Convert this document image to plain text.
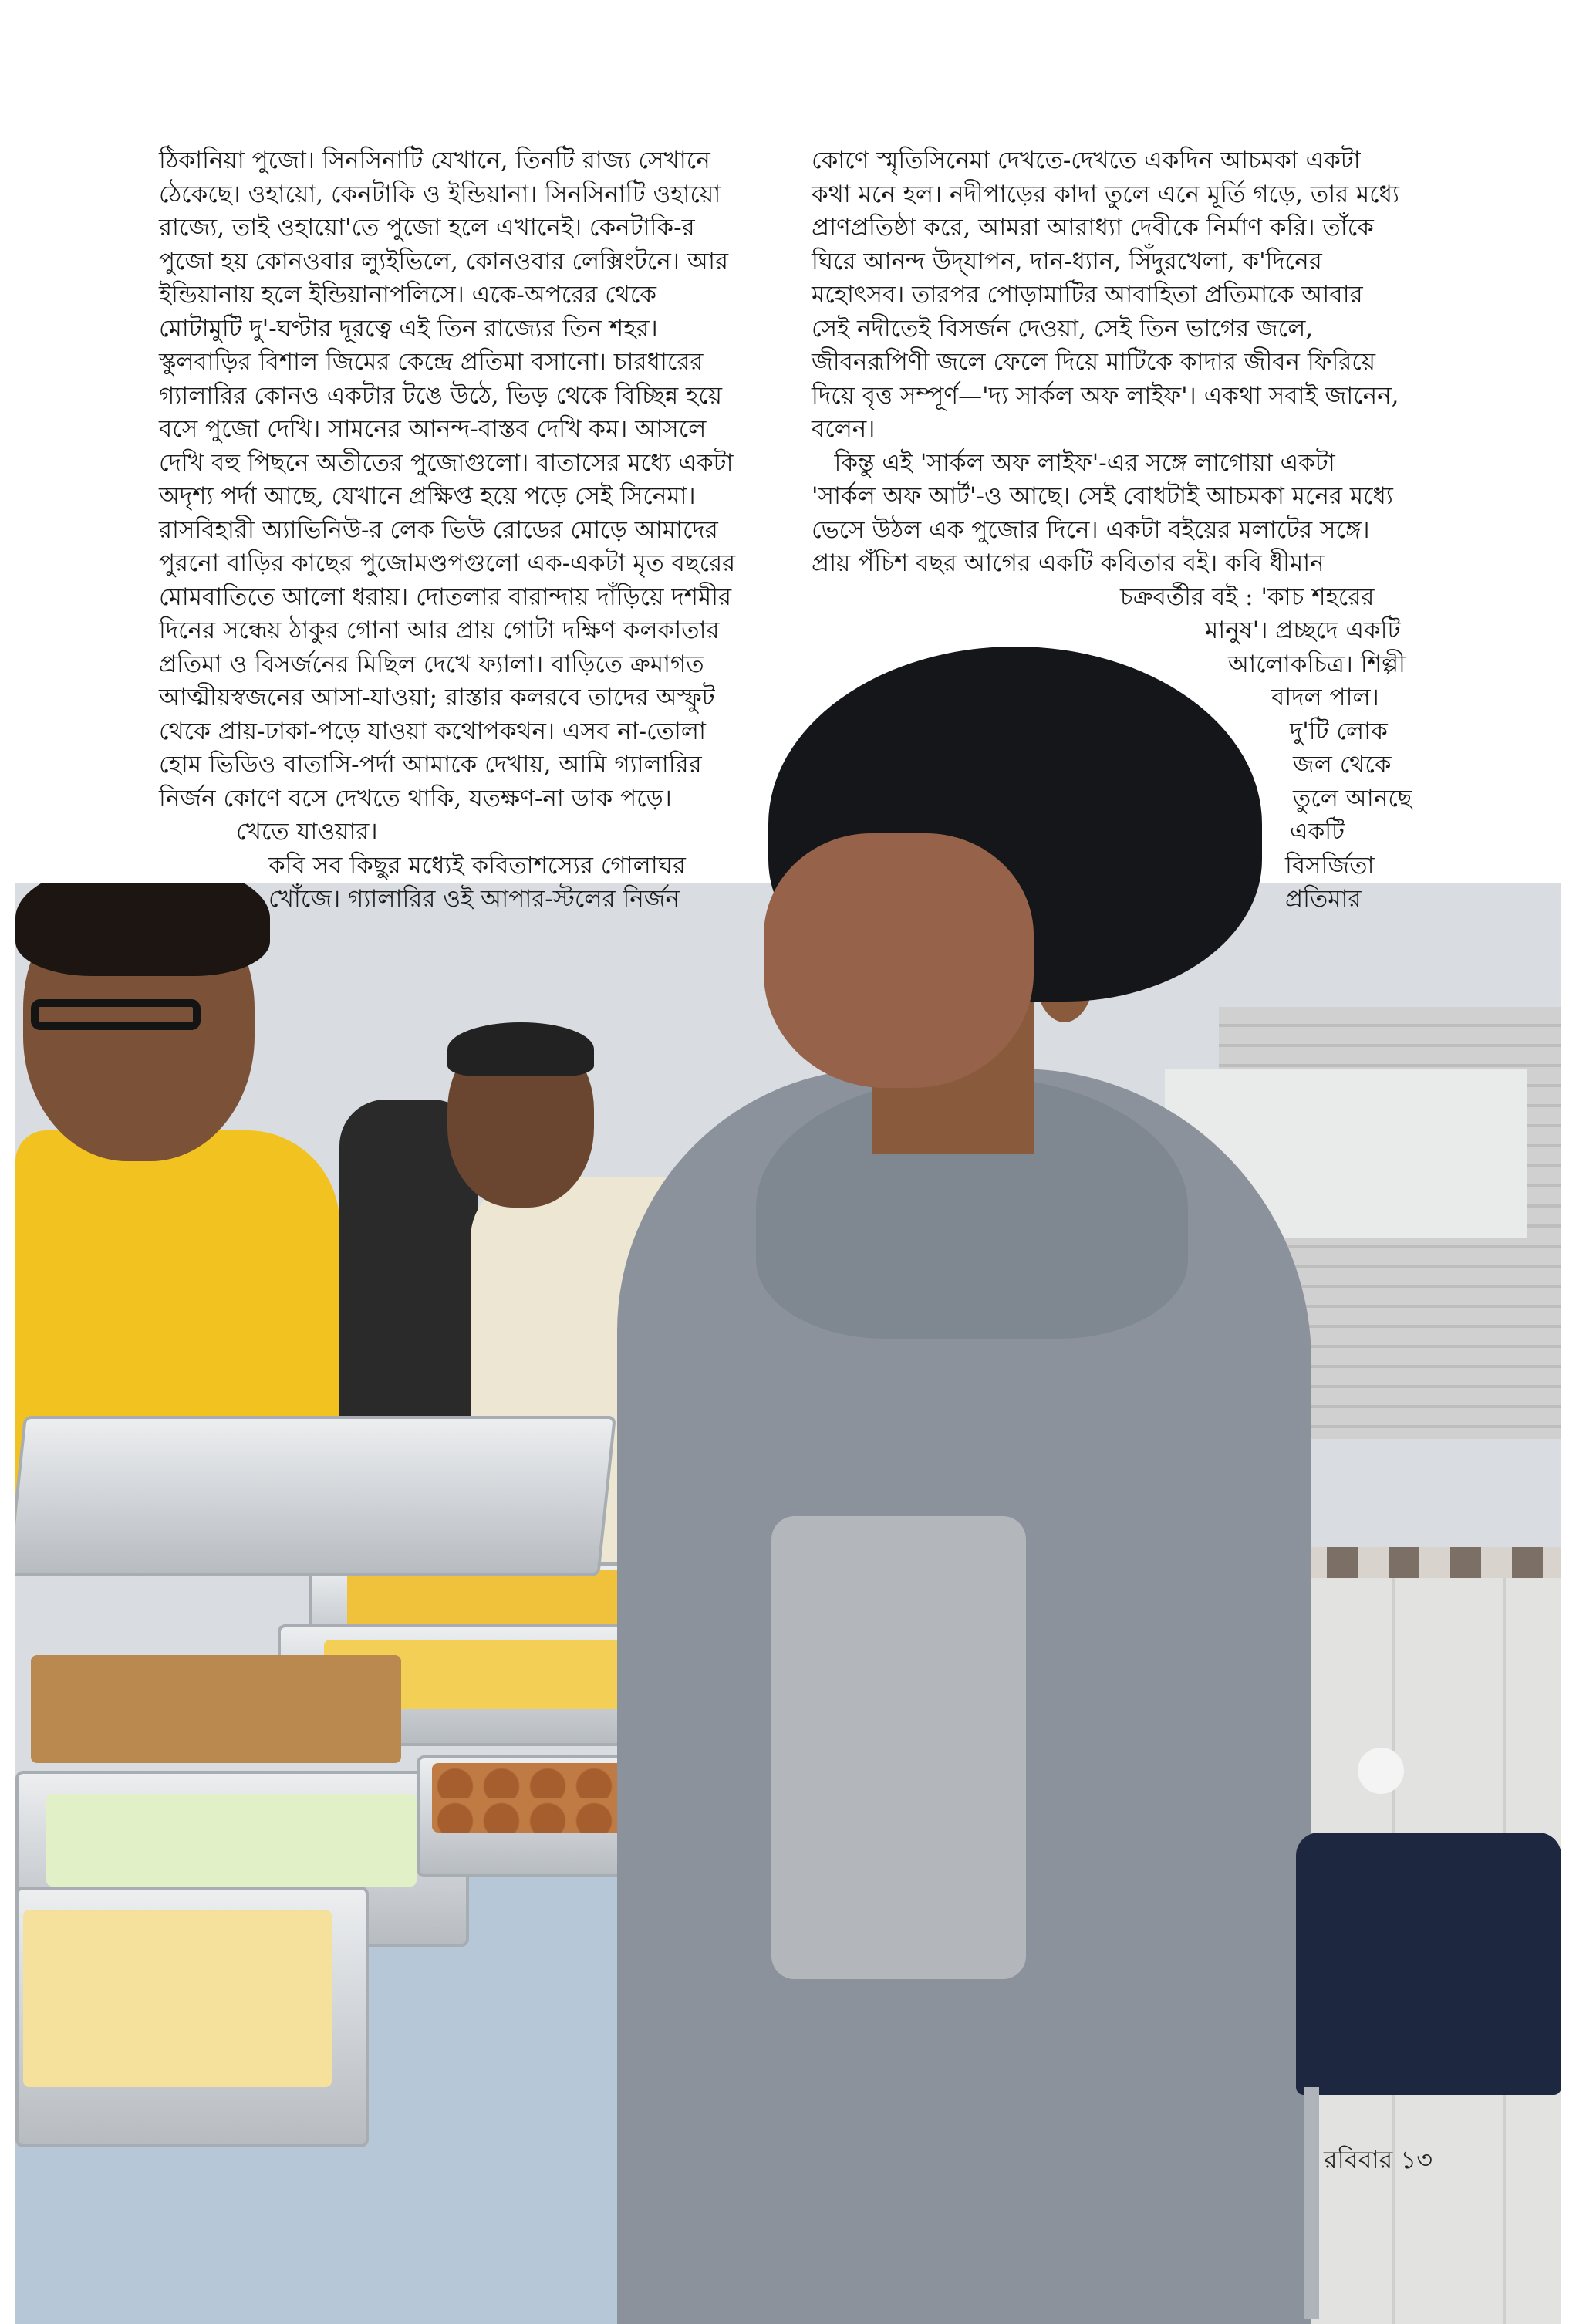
ঠিকানিয়া পুজো। সিনসিনাটি যেখানে, তিনটি রাজ্য সেখানে
ঠেকেছে। ওহায়ো, কেনটাকি ও ইন্ডিয়ানা। সিনসিনাটি ওহায়ো
রাজ্যে, তাই ওহায়ো'তে পুজো হলে এখানেই। কেনটাকি-র
পুজো হয় কোনওবার ল্যুইভিলে, কোনওবার লেক্সিংটনে। আর
ইন্ডিয়ানায় হলে ইন্ডিয়ানাপলিসে। একে-অপরের থেকে
মোটামুটি দু'-ঘণ্টার দূরত্বে এই তিন রাজ্যের তিন শহর।
স্কুলবাড়ির বিশাল জিমের কেন্দ্রে প্রতিমা বসানো। চারধারের
গ্যালারির কোনও একটার টঙে উঠে, ভিড় থেকে বিচ্ছিন্ন হয়ে
বসে পুজো দেখি। সামনের আনন্দ-বাস্তব দেখি কম। আসলে
দেখি বহু পিছনে অতীতের পুজোগুলো। বাতাসের মধ্যে একটা
অদৃশ্য পর্দা আছে, যেখানে প্রক্ষিপ্ত হয়ে পড়ে সেই সিনেমা।
রাসবিহারী অ্যাভিনিউ-র লেক ভিউ রোডের মোড়ে আমাদের
পুরনো বাড়ির কাছের পুজোমণ্ডপগুলো এক-একটা মৃত বছরের
মোমবাতিতে আলো ধরায়। দোতলার বারান্দায় দাঁড়িয়ে দশমীর
দিনের সন্ধেয় ঠাকুর গোনা আর প্রায় গোটা দক্ষিণ কলকাতার
প্রতিমা ও বিসর্জনের মিছিল দেখে ফ্যালা। বাড়িতে ক্রমাগত
আত্মীয়স্বজনের আসা-যাওয়া; রাস্তার কলরবে তাদের অস্ফুট
থেকে প্রায়-ঢাকা-পড়ে যাওয়া কথোপকথন। এসব না-তোলা
হোম ভিডিও বাতাসি-পর্দা আমাকে দেখায়, আমি গ্যালারির
নির্জন কোণে বসে দেখতে থাকি, যতক্ষণ-না ডাক পড়ে।
খেতে যাওয়ার।
কবি সব কিছুর মধ্যেই কবিতাশস্যের গোলাঘর
খোঁজে। গ্যালারির ওই আপার-স্টলের নির্জন
কোণে স্মৃতিসিনেমা দেখতে-দেখতে একদিন আচমকা একটা
কথা মনে হল। নদীপাড়ের কাদা তুলে এনে মূর্তি গড়ে, তার মধ্যে
প্রাণপ্রতিষ্ঠা করে, আমরা আরাধ্যা দেবীকে নির্মাণ করি। তাঁকে
ঘিরে আনন্দ উদ্‌যাপন, দান-ধ্যান, সিঁদুরখেলা, ক'দিনের
মহোৎসব। তারপর পোড়ামাটির আবাহিতা প্রতিমাকে আবার
সেই নদীতেই বিসর্জন দেওয়া, সেই তিন ভাগের জলে,
জীবনরূপিণী জলে ফেলে দিয়ে মাটিকে কাদার জীবন ফিরিয়ে
দিয়ে বৃত্ত সম্পূর্ণ—'দ্য সার্কল অফ লাইফ'। একথা সবাই জানেন,
বলেন।
কিন্তু এই 'সার্কল অফ লাইফ'-এর সঙ্গে লাগোয়া একটা
'সার্কল অফ আর্ট'-ও আছে। সেই বোধটাই আচমকা মনের মধ্যে
ভেসে উঠল এক পুজোর দিনে। একটা বইয়ের মলাটের সঙ্গে।
প্রায় পঁচিশ বছর আগের একটি কবিতার বই। কবি ধীমান
চক্রবর্তীর বই : 'কাচ শহরের
মানুষ'। প্রচ্ছদে একটি
আলোকচিত্র। শিল্পী
বাদল পাল।
দু'টি লোক
জল থেকে
তুলে আনছে
একটি
বিসর্জিতা
প্রতিমার
রবিবার ১৩
